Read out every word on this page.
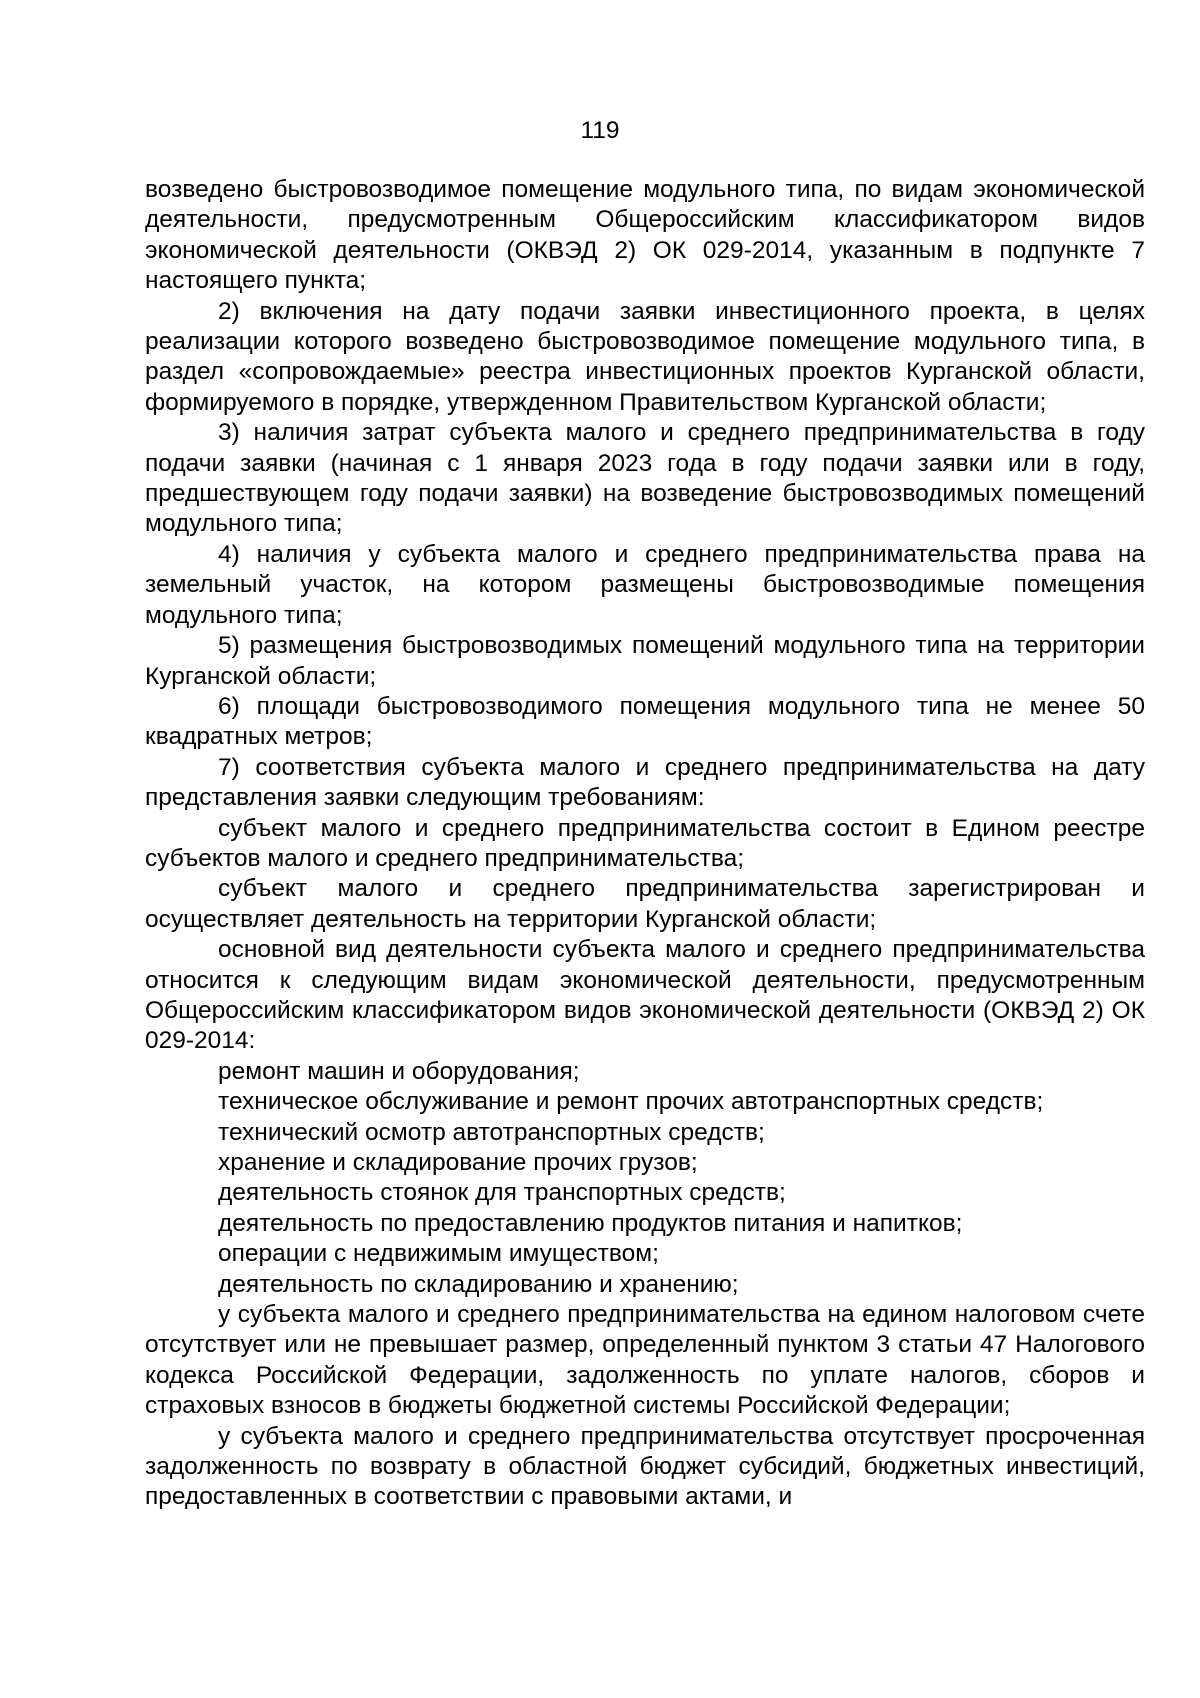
119

возведено быстровозводимое помещение модульного типа, по видам экономической деятельности, предусмотренным Общероссийским классификатором видов экономической деятельности (ОКВЭД 2) ОК 029-2014, указанным в подпункте 7 настоящего пункта;

2) включения на дату подачи заявки инвестиционного проекта, в целях реализации которого возведено быстровозводимое помещение модульного типа, в раздел «сопровождаемые» реестра инвестиционных проектов Курганской области, формируемого в порядке, утвержденном Правительством Курганской области;

3) наличия затрат субъекта малого и среднего предпринимательства в году подачи заявки (начиная с 1 января 2023 года в году подачи заявки или в году, предшествующем году подачи заявки) на возведение быстровозводимых помещений модульного типа;

4) наличия у субъекта малого и среднего предпринимательства права на земельный участок, на котором размещены быстровозводимые помещения модульного типа;

5) размещения быстровозводимых помещений модульного типа на территории Курганской области;

6) площади быстровозводимого помещения модульного типа не менее 50 квадратных метров;

7) соответствия субъекта малого и среднего предпринимательства на дату представления заявки следующим требованиям:

субъект малого и среднего предпринимательства состоит в Едином реестре субъектов малого и среднего предпринимательства;

субъект малого и среднего предпринимательства зарегистрирован и осуществляет деятельность на территории Курганской области;

основной вид деятельности субъекта малого и среднего предпринимательства относится к следующим видам экономической деятельности, предусмотренным Общероссийским классификатором видов экономической деятельности (ОКВЭД 2) ОК 029-2014:

ремонт машин и оборудования;

техническое обслуживание и ремонт прочих автотранспортных средств;

технический осмотр автотранспортных средств;

хранение и складирование прочих грузов;

деятельность стоянок для транспортных средств;

деятельность по предоставлению продуктов питания и напитков;

операции с недвижимым имуществом;

деятельность по складированию и хранению;

у субъекта малого и среднего предпринимательства на едином налоговом счете отсутствует или не превышает размер, определенный пунктом 3 статьи 47 Налогового кодекса Российской Федерации, задолженность по уплате налогов, сборов и страховых взносов в бюджеты бюджетной системы Российской Федерации;

у субъекта малого и среднего предпринимательства отсутствует просроченная задолженность по возврату в областной бюджет субсидий, бюджетных инвестиций, предоставленных в соответствии с правовыми актами, и
